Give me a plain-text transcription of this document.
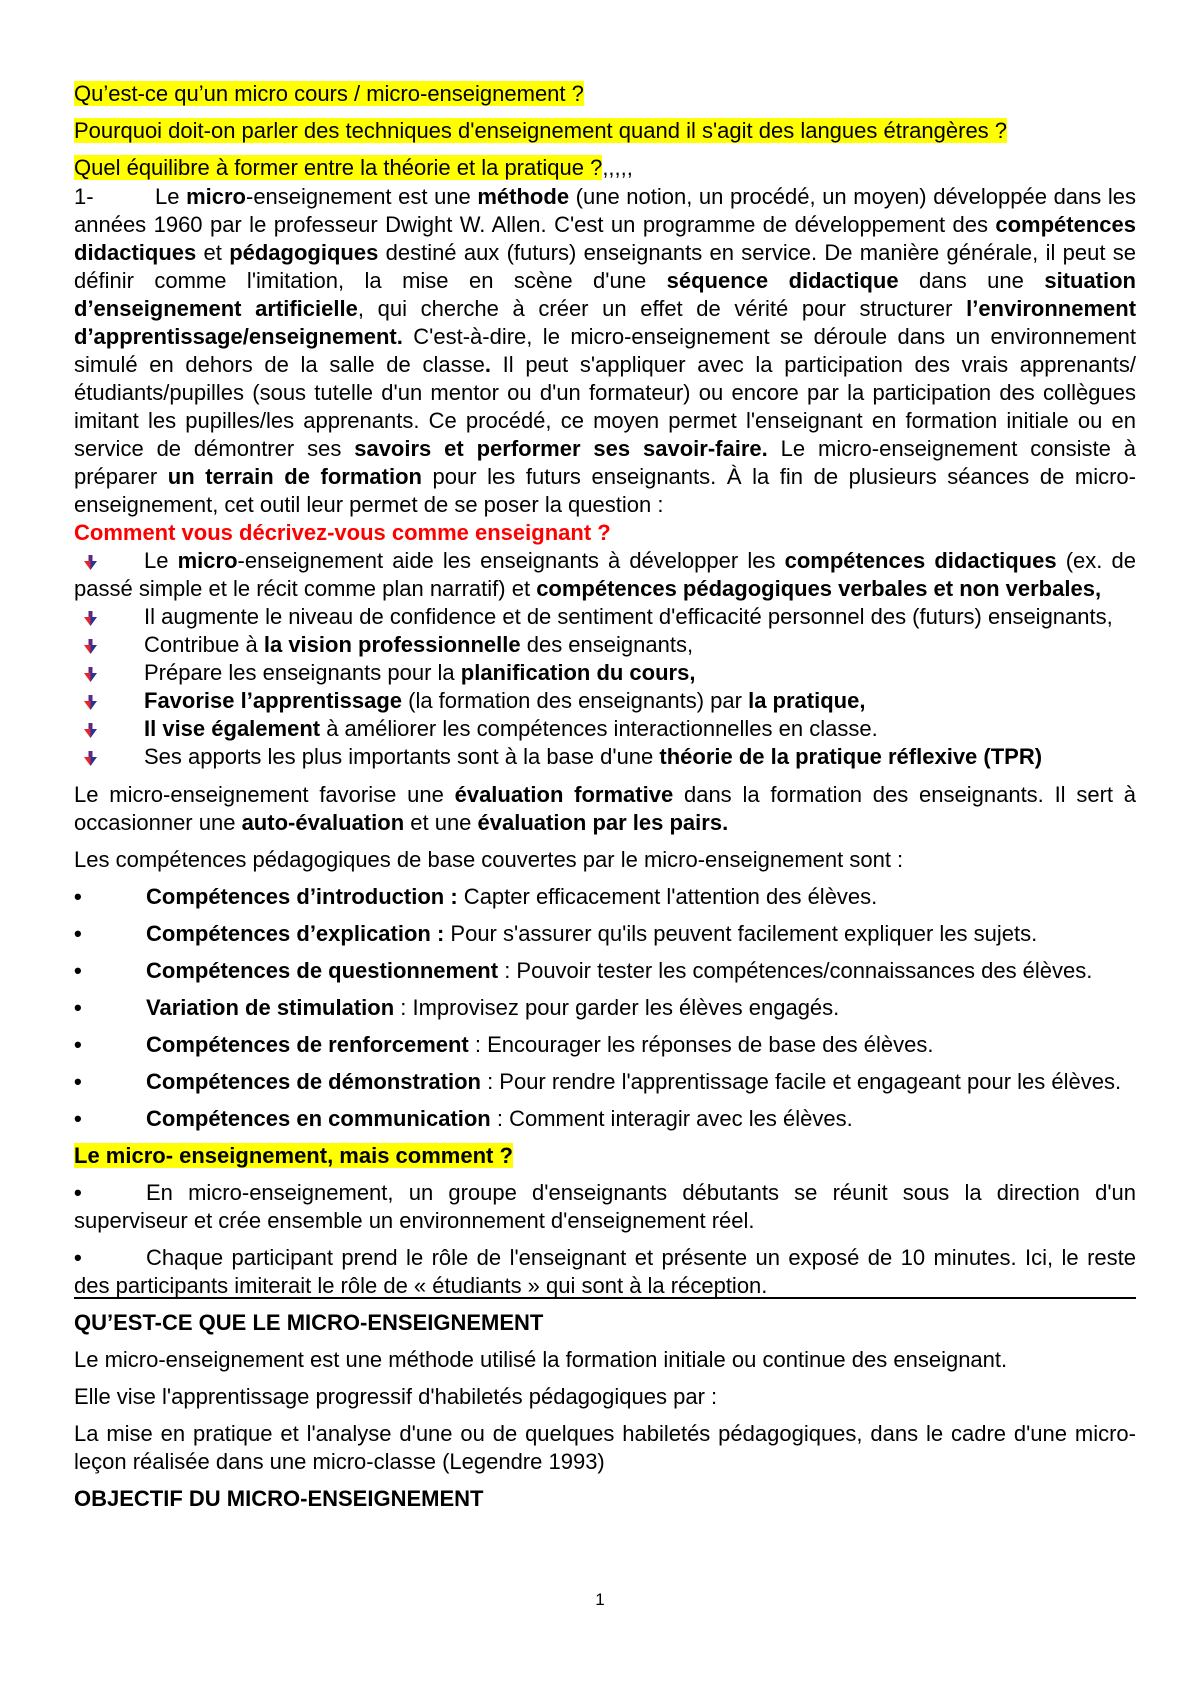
Qu’est-ce qu’un micro cours / micro-enseignement ?

Pourquoi doit-on parler des techniques d'enseignement quand il s'agit des langues étrangères ?

Quel équilibre à former entre la théorie et la pratique ?,,,,,

1-	Le micro-enseignement est une méthode (une notion, un procédé, un moyen) développée dans les années 1960 par le professeur Dwight W. Allen. C'est un programme de développement des compétences didactiques et pédagogiques destiné aux (futurs) enseignants en service. De manière générale, il peut se définir comme l'imitation, la mise en scène d'une séquence didactique dans une situation d’enseignement artificielle, qui cherche à créer un effet de vérité pour structurer l’environnement d’apprentissage/enseignement. C'est-à-dire, le micro-enseignement se déroule dans un environnement simulé en dehors de la salle de classe. Il peut s'appliquer avec la participation des vrais apprenants/étudiants/pupilles (sous tutelle d'un mentor ou d'un formateur) ou encore par la participation des collègues imitant les pupilles/les apprenants. Ce procédé, ce moyen permet l'enseignant en formation initiale ou en service de démontrer ses savoirs et performer ses savoir-faire. Le micro-enseignement consiste à préparer un terrain de formation pour les futurs enseignants. À la fin de plusieurs séances de micro-enseignement, cet outil leur permet de se poser la question :

Comment vous décrivez-vous comme enseignant ?

Le micro-enseignement aide les enseignants à développer les compétences didactiques (ex. de passé simple et le récit comme plan narratif) et compétences pédagogiques verbales et non verbales,
Il augmente le niveau de confidence et de sentiment d'efficacité personnel des (futurs) enseignants,
Contribue à la vision professionnelle des enseignants,
Prépare les enseignants pour la planification du cours,
Favorise l’apprentissage (la formation des enseignants) par la pratique,
Il vise également à améliorer les compétences interactionnelles en classe.
Ses apports les plus importants sont à la base d'une théorie de la pratique réflexive (TPR)

Le micro-enseignement favorise une évaluation formative dans la formation des enseignants. Il sert à occasionner une auto-évaluation et une évaluation par les pairs.

Les compétences pédagogiques de base couvertes par le micro-enseignement sont :

•	Compétences d’introduction : Capter efficacement l'attention des élèves.
•	Compétences d’explication : Pour s'assurer qu'ils peuvent facilement expliquer les sujets.
•	Compétences de questionnement : Pouvoir tester les compétences/connaissances des élèves.
•	Variation de stimulation : Improvisez pour garder les élèves engagés.
•	Compétences de renforcement : Encourager les réponses de base des élèves.
•	Compétences de démonstration : Pour rendre l'apprentissage facile et engageant pour les élèves.
•	Compétences en communication : Comment interagir avec les élèves.

Le micro- enseignement, mais comment ?

•	En micro-enseignement, un groupe d'enseignants débutants se réunit sous la direction d'un superviseur et crée ensemble un environnement d'enseignement réel.
•	Chaque participant prend le rôle de l'enseignant et présente un exposé de 10 minutes. Ici, le reste des participants imiterait le rôle de « étudiants » qui sont à la réception.

QU’EST-CE QUE LE MICRO-ENSEIGNEMENT

Le micro-enseignement est une méthode utilisé la formation initiale ou continue des enseignant.

Elle vise l'apprentissage progressif d'habiletés pédagogiques par :

La mise en pratique et l'analyse d'une ou de quelques habiletés pédagogiques, dans le cadre d'une micro-leçon réalisée dans une micro-classe (Legendre 1993)

OBJECTIF DU MICRO-ENSEIGNEMENT

1
